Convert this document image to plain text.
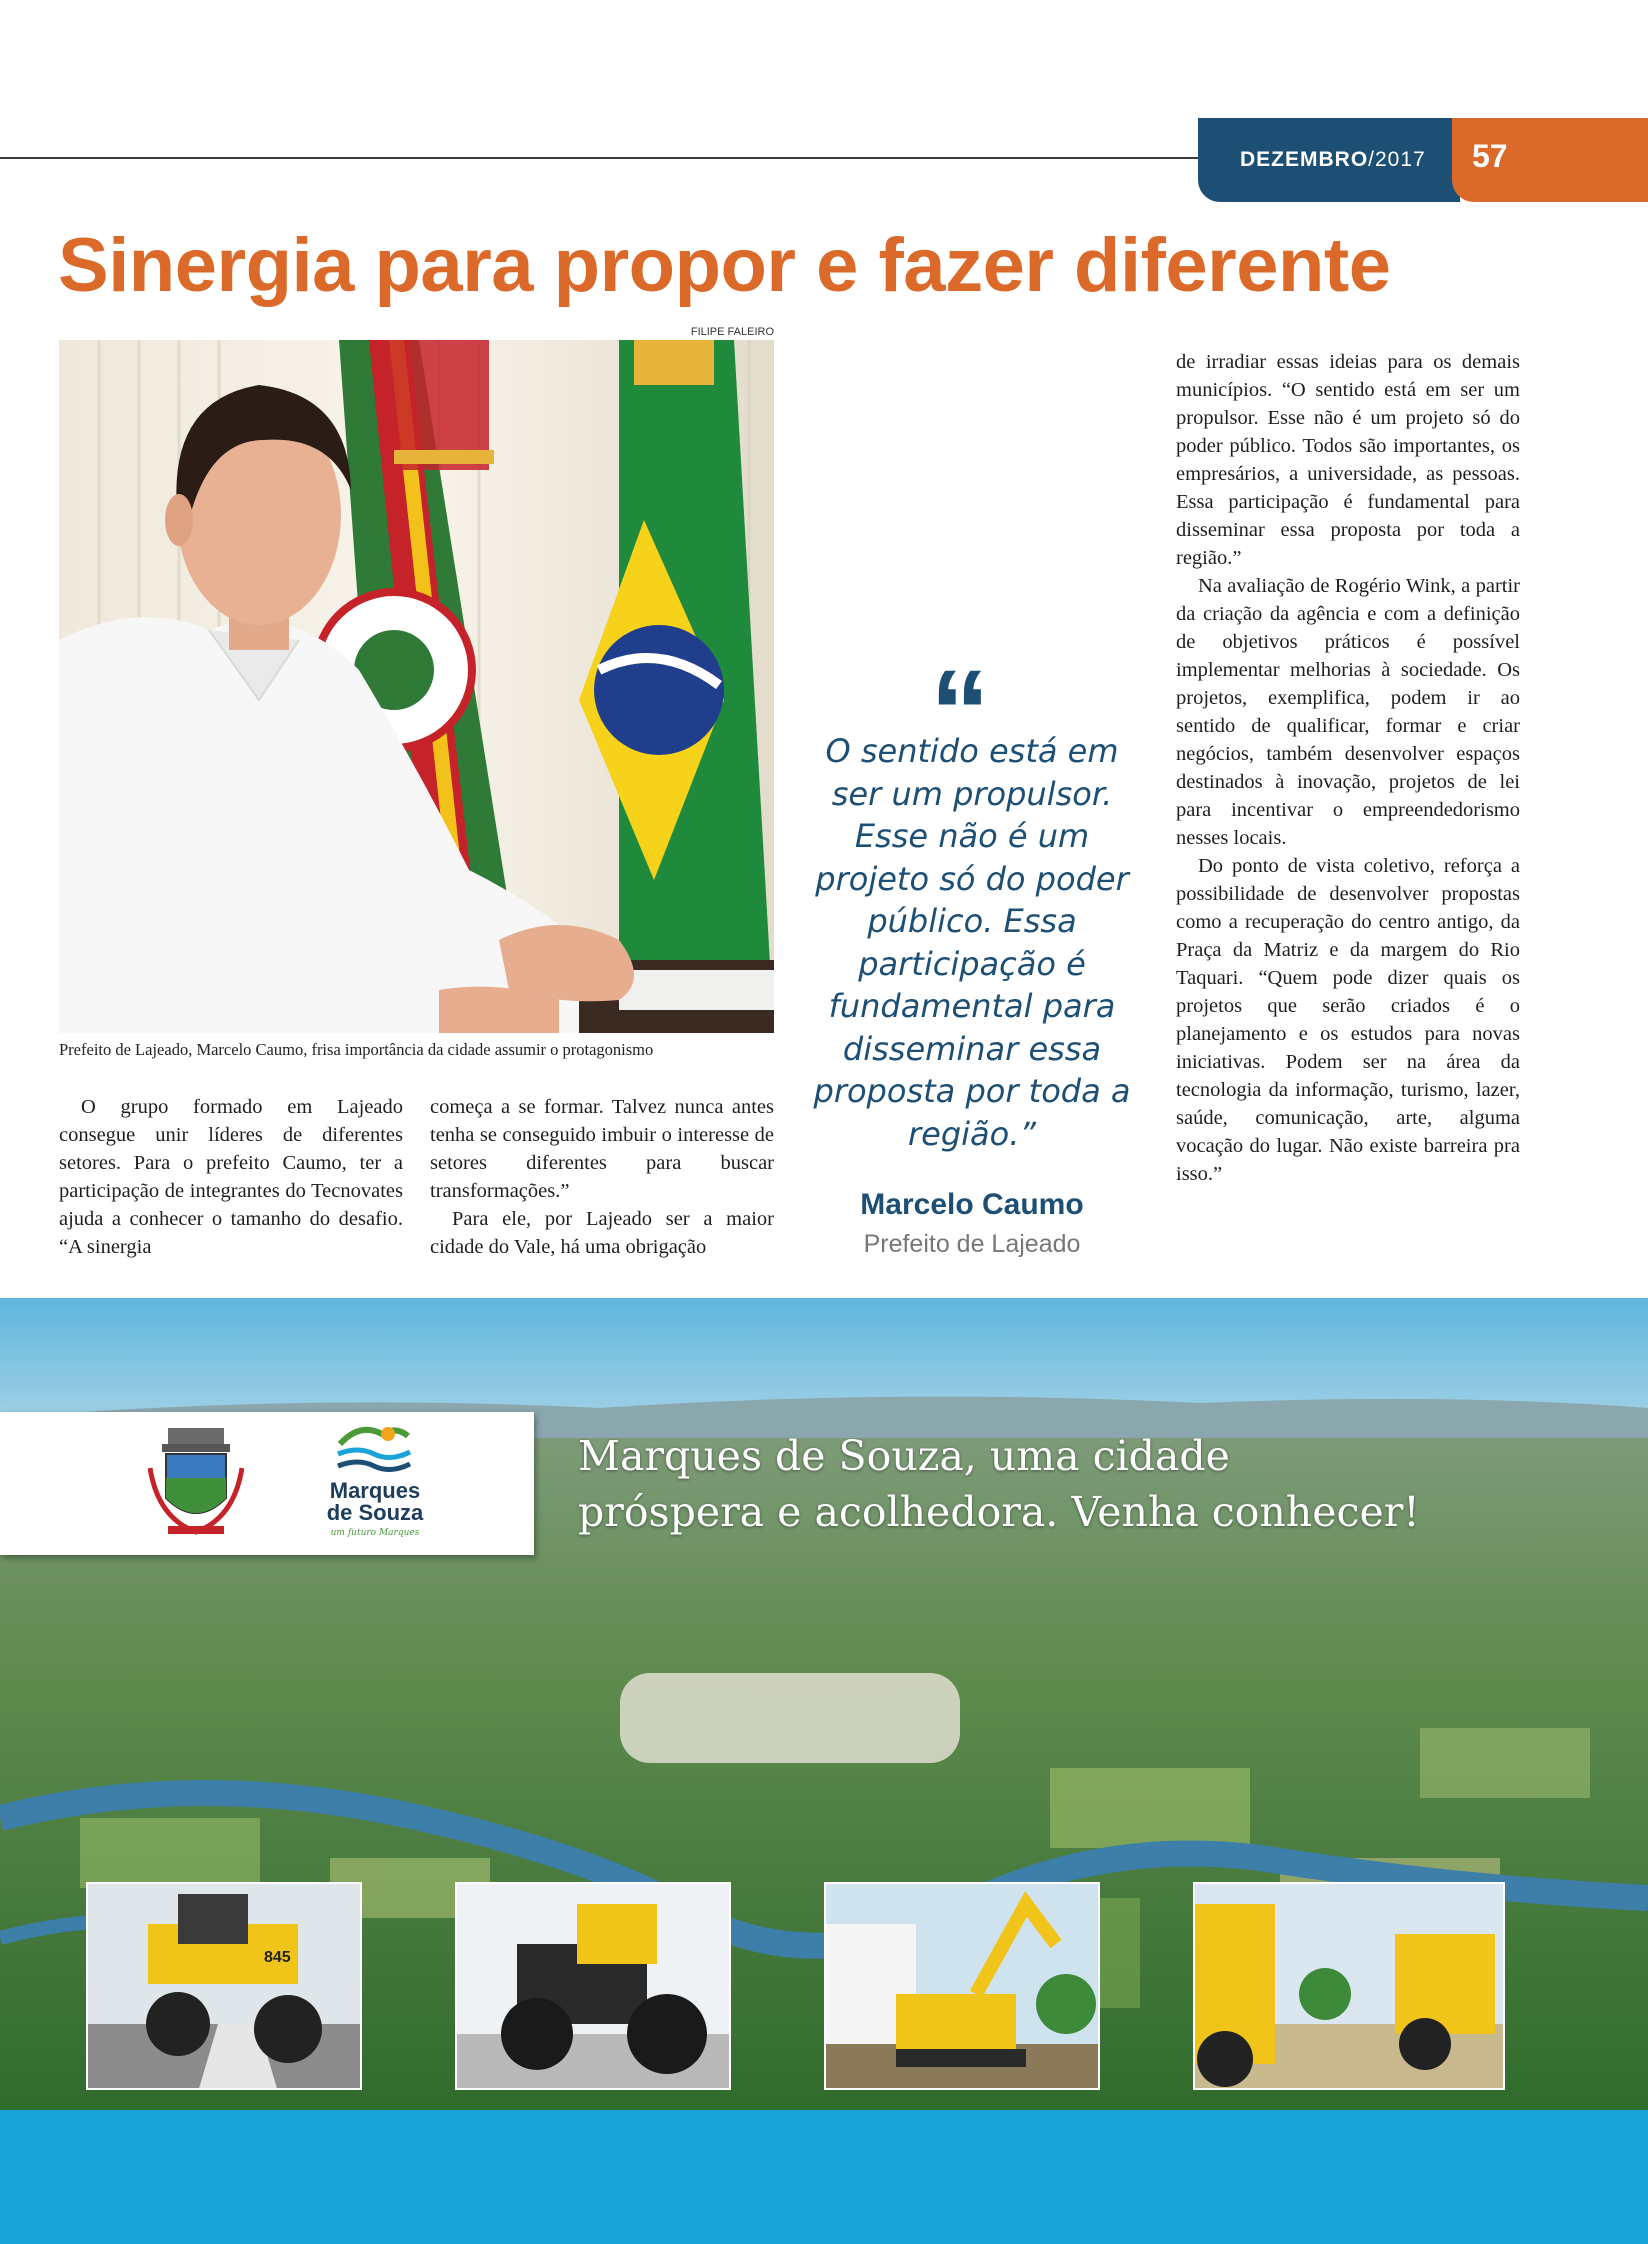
DEZEMBRO /2017	57
Sinergia para propor e fazer diferente
FILIPE FALEIRO
Prefeito de Lajeado, Marcelo Caumo, frisa importância da cidade assumir o protagonismo

O grupo formado em Lajeado consegue unir líderes de diferentes setores. Para o prefeito Caumo, ter a participação de integrantes do Tecnovates ajuda a conhecer o tamanho do desafio. “A sinergia

começa a se formar. Talvez nunca antes tenha se conseguido imbuir o interesse de setores diferentes para buscar transformações.”

Para ele, por Lajeado ser a maior cidade do Vale, há uma obrigação

de irradiar essas ideias para os demais municípios. “O sentido está em ser um propulsor. Esse não é um projeto só do poder público. Todos são importantes, os empresários, a universidade, as pessoas. Essa participação é fundamental para disseminar essa proposta por toda a região.”

Na avaliação de Rogério Wink, a partir da criação da agência e com a definição de objetivos práticos é possível implementar melhorias à sociedade. Os projetos, exemplifica, podem ir ao sentido de qualificar, formar e criar negócios, também desenvolver espaços destinados à inovação, projetos de lei para incentivar o empreendedorismo nesses locais.

Do ponto de vista coletivo, reforça a possibilidade de desenvolver propostas como a recuperação do centro antigo, da Praça da Matriz e da margem do Rio Taquari. “Quem pode dizer quais os projetos que serão criados é o planejamento e os estudos para novas iniciativas. Podem ser na área da tecnologia da informação, turismo, lazer, saúde, comunicação, arte, alguma vocação do lugar. Não existe barreira pra isso.”

“
O sentido está em ser um propulsor. Esse não é um projeto só do poder público. Essa participação é fundamental para disseminar essa proposta por toda a região.”
Marcelo Caumo
Prefeito de Lajeado
Marques
de Souza
um futuro Marques
Marques de Souza, uma cidade
próspera e acolhedora. Venha conhecer!
845
